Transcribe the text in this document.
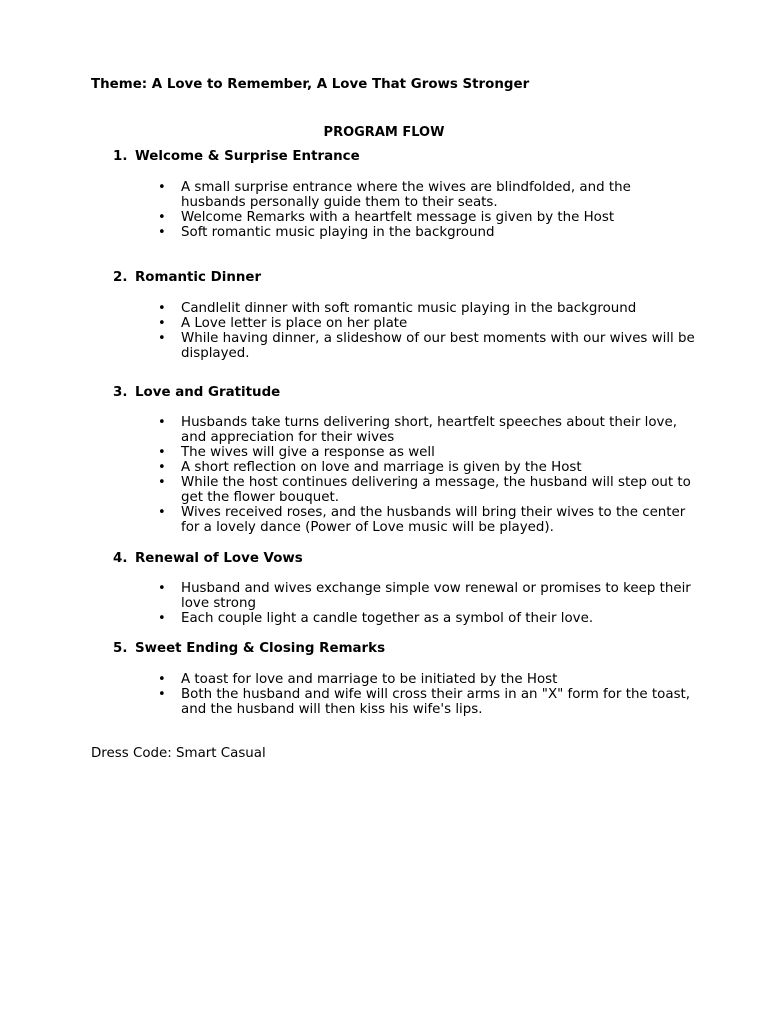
Theme: A Love to Remember, A Love That Grows Stronger
PROGRAM FLOW
1. Welcome & Surprise Entrance
• A small surprise entrance where the wives are blindfolded, and the husbands personally guide them to their seats.
• Welcome Remarks with a heartfelt message is given by the Host
• Soft romantic music playing in the background
2. Romantic Dinner
• Candlelit dinner with soft romantic music playing in the background
• A Love letter is place on her plate
• While having dinner, a slideshow of our best moments with our wives will be displayed.
3. Love and Gratitude
• Husbands take turns delivering short, heartfelt speeches about their love, and appreciation for their wives
• The wives will give a response as well
• A short reflection on love and marriage is given by the Host
• While the host continues delivering a message, the husband will step out to get the flower bouquet.
• Wives received roses, and the husbands will bring their wives to the center for a lovely dance (Power of Love music will be played).
4. Renewal of Love Vows
• Husband and wives exchange simple vow renewal or promises to keep their love strong
• Each couple light a candle together as a symbol of their love.
5. Sweet Ending & Closing Remarks
• A toast for love and marriage to be initiated by the Host
• Both the husband and wife will cross their arms in an "X" form for the toast, and the husband will then kiss his wife's lips.
Dress Code: Smart Casual
